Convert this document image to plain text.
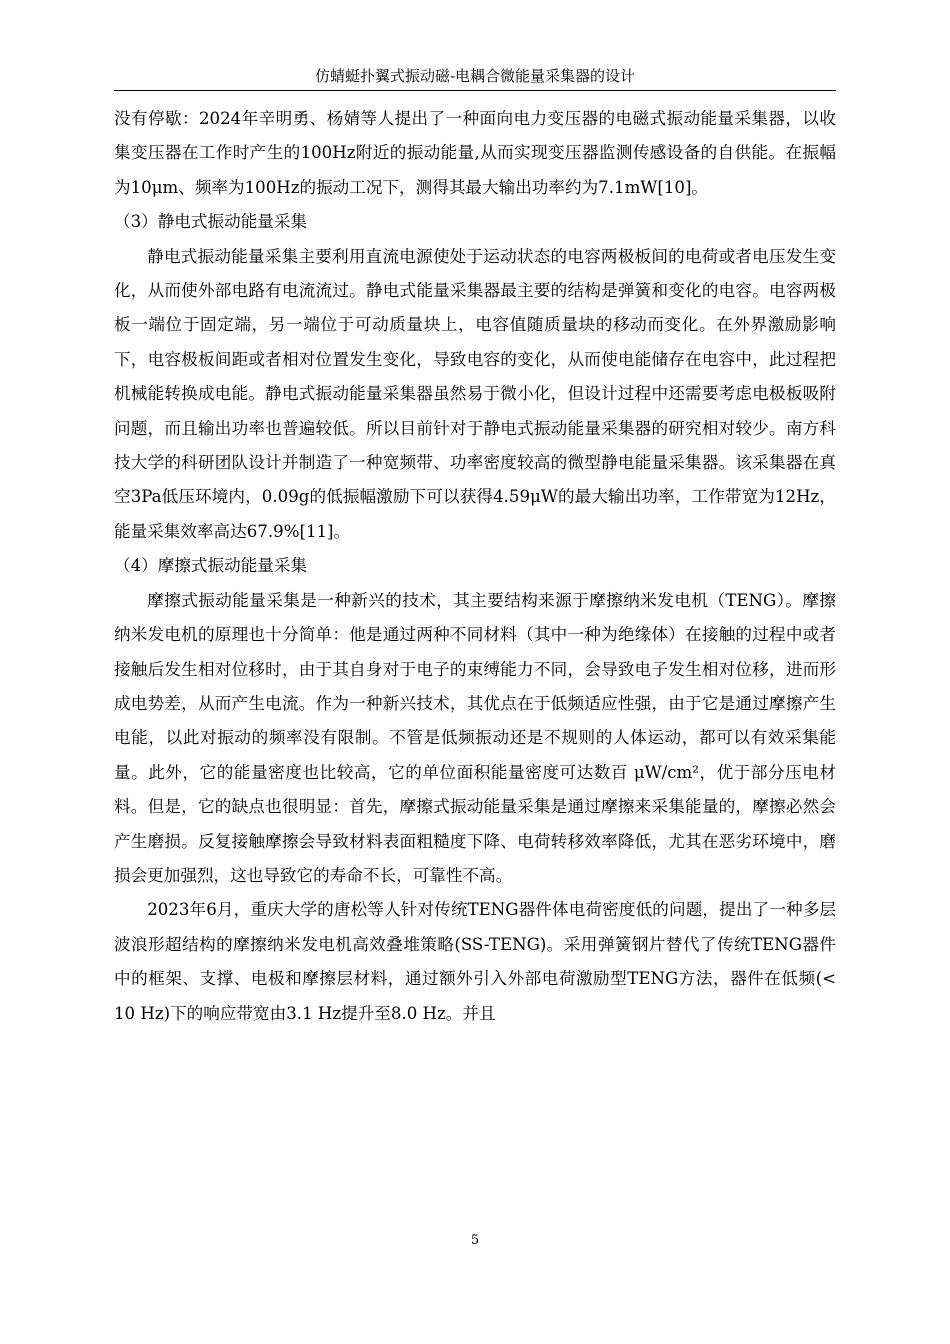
仿蜻蜓扑翼式振动磁-电耦合微能量采集器的设计

没有停歇：2024年辛明勇、杨婧等人提出了一种面向电力变压器的电磁式振动能量采集器，以收集变压器在工作时产生的100Hz附近的振动能量,从而实现变压器监测传感设备的自供能。在振幅为10μm、频率为100Hz的振动工况下，测得其最大输出功率约为7.1mW[10]。

（3）静电式振动能量采集

静电式振动能量采集主要利用直流电源使处于运动状态的电容两极板间的电荷或者电压发生变化，从而使外部电路有电流流过。静电式能量采集器最主要的结构是弹簧和变化的电容。电容两极板一端位于固定端，另一端位于可动质量块上，电容值随质量块的移动而变化。在外界激励影响下，电容极板间距或者相对位置发生变化，导致电容的变化，从而使电能储存在电容中，此过程把机械能转换成电能。静电式振动能量采集器虽然易于微小化，但设计过程中还需要考虑电极板吸附问题，而且输出功率也普遍较低。所以目前针对于静电式振动能量采集器的研究相对较少。南方科技大学的科研团队设计并制造了一种宽频带、功率密度较高的微型静电能量采集器。该采集器在真空3Pa低压环境内，0.09g的低振幅激励下可以获得4.59μW的最大输出功率，工作带宽为12Hz，能量采集效率高达67.9%[11]。

（4）摩擦式振动能量采集

摩擦式振动能量采集是一种新兴的技术，其主要结构来源于摩擦纳米发电机（TENG）。摩擦纳米发电机的原理也十分简单：他是通过两种不同材料（其中一种为绝缘体）在接触的过程中或者接触后发生相对位移时，由于其自身对于电子的束缚能力不同，会导致电子发生相对位移，进而形成电势差，从而产生电流。作为一种新兴技术，其优点在于低频适应性强，由于它是通过摩擦产生电能，以此对振动的频率没有限制。不管是低频振动还是不规则的人体运动，都可以有效采集能量。此外，它的能量密度也比较高，它的单位面积能量密度可达数百 μW/cm²，优于部分压电材料。但是，它的缺点也很明显：首先，摩擦式振动能量采集是通过摩擦来采集能量的，摩擦必然会产生磨损。反复接触摩擦会导致材料表面粗糙度下降、电荷转移效率降低，尤其在恶劣环境中，磨损会更加强烈，这也导致它的寿命不长，可靠性不高。

2023年6月，重庆大学的唐松等人针对传统TENG器件体电荷密度低的问题，提出了一种多层波浪形超结构的摩擦纳米发电机高效叠堆策略(SS-TENG)。采用弹簧钢片替代了传统TENG器件中的框架、支撑、电极和摩擦层材料，通过额外引入外部电荷激励型TENG方法，器件在低频(< 10 Hz)下的响应带宽由3.1 Hz提升至8.0 Hz。并且

5
